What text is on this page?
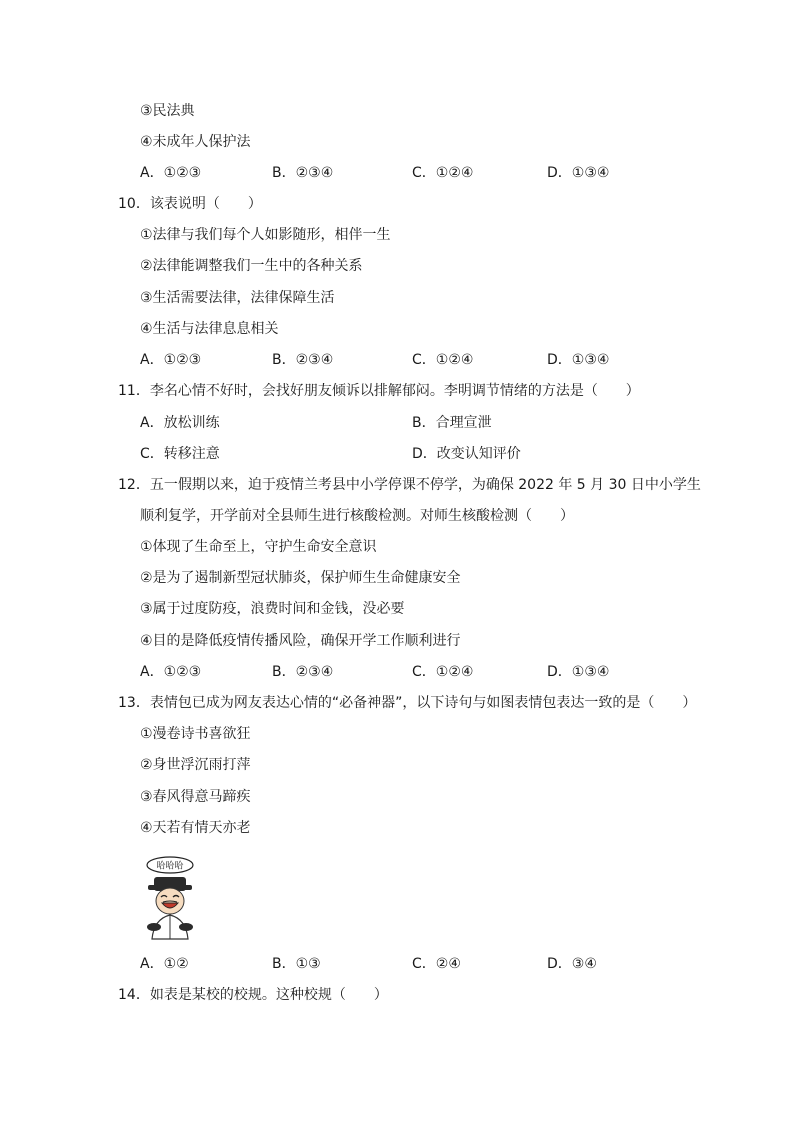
③民法典
④未成年人保护法
A．①②③	B．②③④	C．①②④	D．①③④
10．该表说明（　　）
①法律与我们每个人如影随形，相伴一生
②法律能调整我们一生中的各种关系
③生活需要法律，法律保障生活
④生活与法律息息相关
A．①②③	B．②③④	C．①②④	D．①③④
11．李名心情不好时，会找好朋友倾诉以排解郁闷。李明调节情绪的方法是（　　）
A．放松训练	B．合理宣泄
C．转移注意	D．改变认知评价
12．五一假期以来，迫于疫情兰考县中小学停课不停学，为确保 2022 年 5 月 30 日中小学生
顺利复学，开学前对全县师生进行核酸检测。对师生核酸检测（　　）
①体现了生命至上，守护生命安全意识
②是为了遏制新型冠状肺炎，保护师生生命健康安全
③属于过度防疫，浪费时间和金钱，没必要
④目的是降低疫情传播风险，确保开学工作顺利进行
A．①②③	B．②③④	C．①②④	D．①③④
13．表情包已成为网友表达心情的“必备神器”，以下诗句与如图表情包表达一致的是（　　）
①漫卷诗书喜欲狂
②身世浮沉雨打萍
③春风得意马蹄疾
④天若有情天亦老
哈哈哈
A．①②	B．①③	C．②④	D．③④
14．如表是某校的校规。这种校规（　　）
